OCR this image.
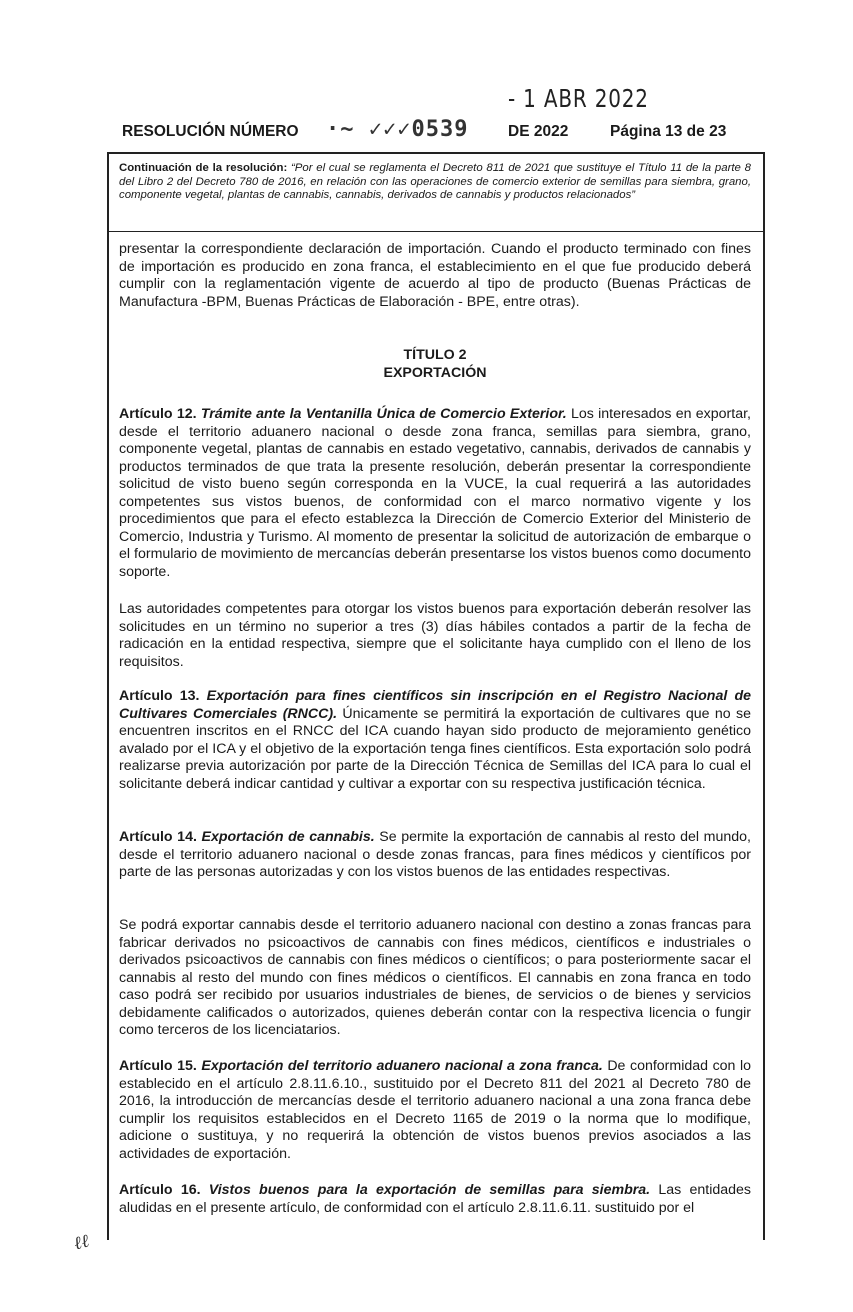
- 1 ABR 2022
RESOLUCIÓN NÚMERO ·~ ✓✓✓0539	DE 2022	Página 13 de 23
Continuación de la resolución: “Por el cual se reglamenta el Decreto 811 de 2021 que sustituye el Título 11 de la parte 8 del Libro 2 del Decreto 780 de 2016, en relación con las operaciones de comercio exterior de semillas para siembra, grano, componente vegetal, plantas de cannabis, cannabis, derivados de cannabis y productos relacionados”

presentar la correspondiente declaración de importación. Cuando el producto terminado con fines de importación es producido en zona franca, el establecimiento en el que fue producido deberá cumplir con la reglamentación vigente de acuerdo al tipo de producto (Buenas Prácticas de Manufactura -BPM, Buenas Prácticas de Elaboración - BPE, entre otras).

TÍTULO 2
EXPORTACIÓN

Artículo 12. Trámite ante la Ventanilla Única de Comercio Exterior. Los interesados en exportar, desde el territorio aduanero nacional o desde zona franca, semillas para siembra, grano, componente vegetal, plantas de cannabis en estado vegetativo, cannabis, derivados de cannabis y productos terminados de que trata la presente resolución, deberán presentar la correspondiente solicitud de visto bueno según corresponda en la VUCE, la cual requerirá a las autoridades competentes sus vistos buenos, de conformidad con el marco normativo vigente y los procedimientos que para el efecto establezca la Dirección de Comercio Exterior del Ministerio de Comercio, Industria y Turismo. Al momento de presentar la solicitud de autorización de embarque o el formulario de movimiento de mercancías deberán presentarse los vistos buenos como documento soporte.

Las autoridades competentes para otorgar los vistos buenos para exportación deberán resolver las solicitudes en un término no superior a tres (3) días hábiles contados a partir de la fecha de radicación en la entidad respectiva, siempre que el solicitante haya cumplido con el lleno de los requisitos.

Artículo 13. Exportación para fines científicos sin inscripción en el Registro Nacional de Cultivares Comerciales (RNCC). Únicamente se permitirá la exportación de cultivares que no se encuentren inscritos en el RNCC del ICA cuando hayan sido producto de mejoramiento genético avalado por el ICA y el objetivo de la exportación tenga fines científicos. Esta exportación solo podrá realizarse previa autorización por parte de la Dirección Técnica de Semillas del ICA para lo cual el solicitante deberá indicar cantidad y cultivar a exportar con su respectiva justificación técnica.

Artículo 14. Exportación de cannabis. Se permite la exportación de cannabis al resto del mundo, desde el territorio aduanero nacional o desde zonas francas, para fines médicos y científicos por parte de las personas autorizadas y con los vistos buenos de las entidades respectivas.

Se podrá exportar cannabis desde el territorio aduanero nacional con destino a zonas francas para fabricar derivados no psicoactivos de cannabis con fines médicos, científicos e industriales o derivados psicoactivos de cannabis con fines médicos o científicos; o para posteriormente sacar el cannabis al resto del mundo con fines médicos o científicos. El cannabis en zona franca en todo caso podrá ser recibido por usuarios industriales de bienes, de servicios o de bienes y servicios debidamente calificados o autorizados, quienes deberán contar con la respectiva licencia o fungir como terceros de los licenciatarios.

Artículo 15. Exportación del territorio aduanero nacional a zona franca. De conformidad con lo establecido en el artículo 2.8.11.6.10., sustituido por el Decreto 811 del 2021 al Decreto 780 de 2016, la introducción de mercancías desde el territorio aduanero nacional a una zona franca debe cumplir los requisitos establecidos en el Decreto 1165 de 2019 o la norma que lo modifique, adicione o sustituya, y no requerirá la obtención de vistos buenos previos asociados a las actividades de exportación.

Artículo 16. Vistos buenos para la exportación de semillas para siembra. Las entidades aludidas en el presente artículo, de conformidad con el artículo 2.8.11.6.11. sustituido por el

ℓℓ
